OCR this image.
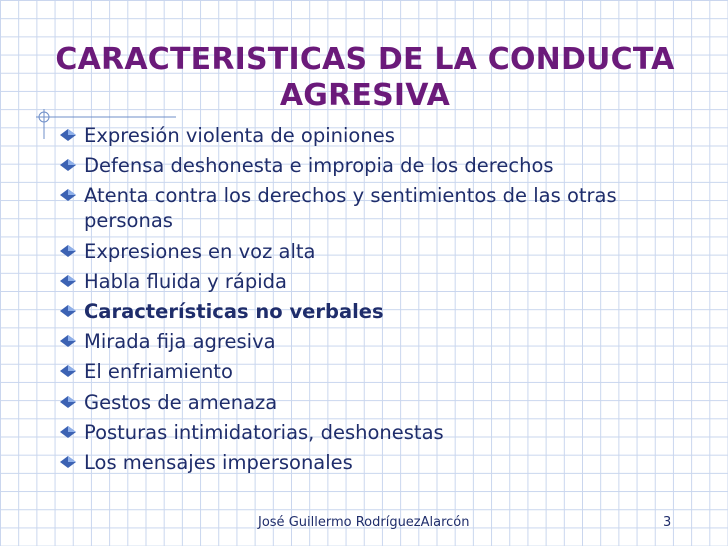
CARACTERISTICAS DE LA CONDUCTA
AGRESIVA
Expresión violenta de opiniones
Defensa deshonesta e impropia de los derechos
Atenta contra los derechos y sentimientos de las otras personas
Expresiones en voz alta
Habla fluida y rápida
Características no verbales
Mirada fija agresiva
El enfriamiento
Gestos de amenaza
Posturas intimidatorias, deshonestas
Los mensajes impersonales
José Guillermo RodríguezAlarcón	3
